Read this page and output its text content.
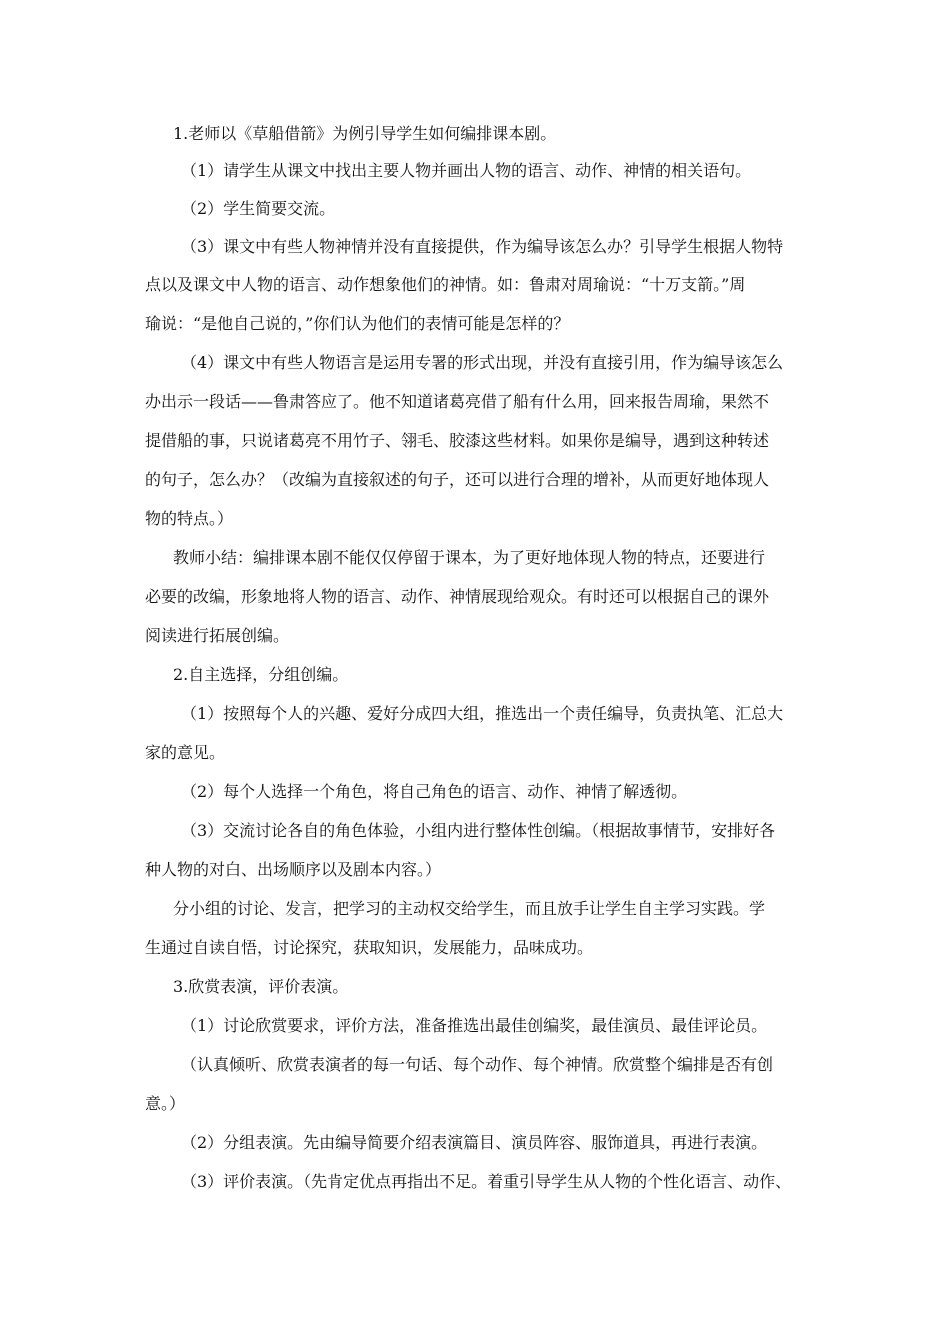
1.老师以《草船借箭》为例引导学生如何编排课本剧。
（1）请学生从课文中找出主要人物并画出人物的语言、动作、神情的相关语句。
（2）学生简要交流。
（3）课文中有些人物神情并没有直接提供，作为编导该怎么办？引导学生根据人物特
点以及课文中人物的语言、动作想象他们的神情。如：鲁肃对周瑜说：“十万支箭。”周
瑜说：“是他自己说的，”你们认为他们的表情可能是怎样的？
（4）课文中有些人物语言是运用专署的形式出现，并没有直接引用，作为编导该怎么
办出示一段话——鲁肃答应了。他不知道诸葛亮借了船有什么用，回来报告周瑜，果然不
提借船的事，只说诸葛亮不用竹子、翎毛、胶漆这些材料。如果你是编导，遇到这种转述
的句子，怎么办？（改编为直接叙述的句子，还可以进行合理的增补，从而更好地体现人
物的特点。）
教师小结：编排课本剧不能仅仅停留于课本，为了更好地体现人物的特点，还要进行
必要的改编，形象地将人物的语言、动作、神情展现给观众。有时还可以根据自己的课外
阅读进行拓展创编。
2.自主选择，分组创编。
（1）按照每个人的兴趣、爱好分成四大组，推选出一个责任编导，负责执笔、汇总大
家的意见。
（2）每个人选择一个角色，将自己角色的语言、动作、神情了解透彻。
（3）交流讨论各自的角色体验，小组内进行整体性创编。（根据故事情节，安排好各
种人物的对白、出场顺序以及剧本内容。）
分小组的讨论、发言，把学习的主动权交给学生，而且放手让学生自主学习实践。学
生通过自读自悟，讨论探究，获取知识，发展能力，品味成功。
3.欣赏表演，评价表演。
（1）讨论欣赏要求，评价方法，准备推选出最佳创编奖，最佳演员、最佳评论员。
（认真倾听、欣赏表演者的每一句话、每个动作、每个神情。欣赏整个编排是否有创
意。）
（2）分组表演。先由编导简要介绍表演篇目、演员阵容、服饰道具，再进行表演。
（3）评价表演。（先肯定优点再指出不足。着重引导学生从人物的个性化语言、动作、
